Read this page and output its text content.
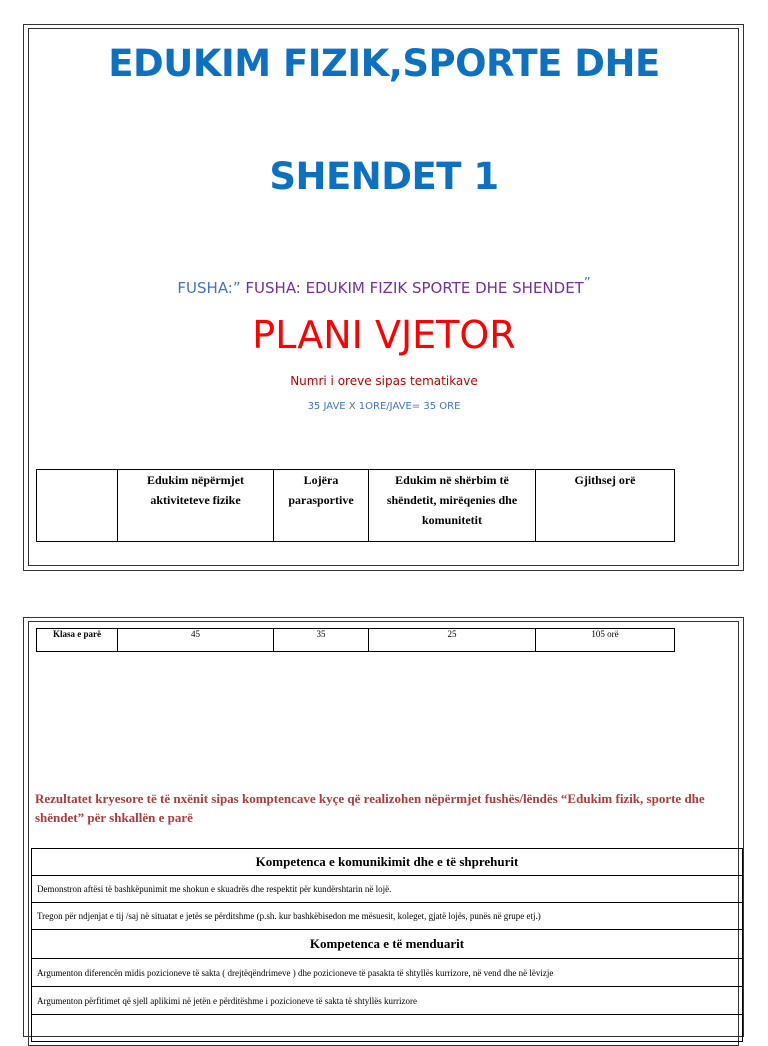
EDUKIM FIZIK,SPORTE DHE
SHENDET 1
FUSHA:” FUSHA: EDUKIM FIZIK SPORTE DHE SHENDET”
PLANI VJETOR
Numri i oreve sipas tematikave
35 JAVE X 1ORE/JAVE= 35 ORE
	Edukim nëpërmjet aktiviteteve fizike	Lojëra parasportive	Edukim në shërbim të shëndetit, mirëqenies dhe komunitetit	Gjithsej orë
Klasa e parë	45	35	25	105 orë
Rezultatet kryesore të të nxënit sipas komptencave kyçe që realizohen nëpërmjet fushës/lëndës “Edukim fizik, sporte dhe shëndet” për shkallën e parë
Kompetenca e komunikimit dhe e të shprehurit
Demonstron aftësi të bashkëpunimit me shokun e skuadrës dhe respektit për kundërshtarin në lojë.
Tregon për ndjenjat e tij /saj në situatat e jetës se përditshme (p.sh. kur bashkëbisedon me mësuesit, koleget, gjatë lojës, punës në grupe etj.)
Kompetenca e të menduarit
Argumenton diferencën midis pozicioneve të sakta ( drejtëqëndrimeve ) dhe pozicioneve të pasakta të shtyllës kurrizore, në vend dhe në lëvizje
Argumenton përfitimet që sjell aplikimi në jetën e përditëshme i pozicioneve të sakta të shtyllës kurrizore
